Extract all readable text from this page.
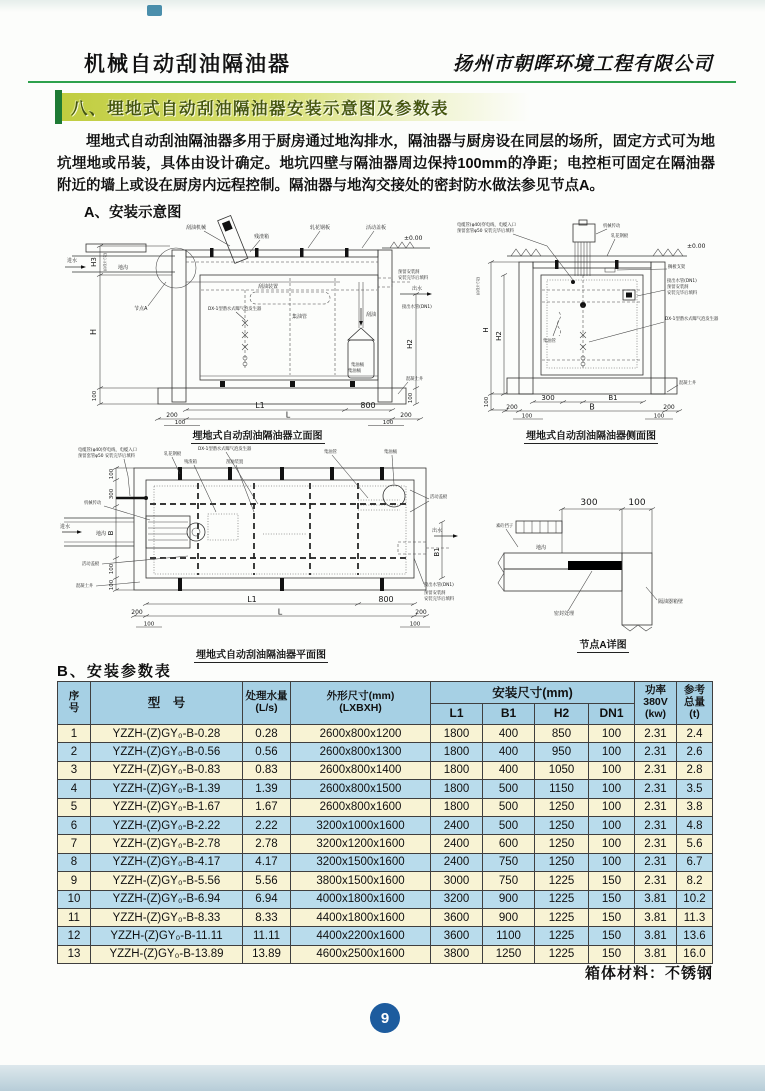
机械自动刮油隔油器	扬州市朝晖环境工程有限公司
八、埋地式自动刮油隔油器安装示意图及参数表
埋地式自动刮油隔油器多用于厨房通过地沟排水，隔油器与厨房设在同层的场所，固定方式可为地坑埋地或吊装，具体由设计确定。地坑四壁与隔油器周边保持100mm的净距；电控柜可固定在隔油器附近的墙上或设在厨房内远程控制。隔油器与地沟交接处的密封防水做法参见节点A。
A、安装示意图
进水
地沟
节点A
刮油机械
残渣箱
轧花钢板	活动盖板
±0.00
刮油装置
DX-1型潜水式曝气泡发生器
集油管	刮油
集油桶
集油桶
预留安装洞
安装完毕后填料
出水
接出水管(DN1)
混凝土井
H3	(由设计方定)
H
100
H2
100
L1	800
200	L	200
100	100
埋地式自动刮油隔油器立面图
电缆管(φ40)穿电线、电缆入口
预留套管φ50 安装完毕后填料
机械传动
轧花钢板
±0.00
搁板支架
接出水管(DN1)
预留安装洞
安装完毕后填料
DX-1型潜水式曝气泡发生器
集油管
混凝土井
H
H2
100
(由设计方定)
300	B1
200	B	200
100	100
埋地式自动刮油隔油器侧面图
电缆管(φ40)穿电线、电缆入口
预留套管φ50 安装完毕后填料	轧花钢板
DX-1型潜水式曝气泡发生器
残渣箱	刮油装置
集油管	集油桶
活动盖板
出水
接出水管(DN1)
预留安装洞
安装完毕后填料
机械传动
地沟
活动盖板
混凝土井
进水
100
300
B
100
100
B1
L1	800
200	L	200
100	100
埋地式自动刮油隔油器平面图
300	100
素砼挡子
地沟
密封处理
隔油器箱壁
节点A详图
B、安装参数表
序
号	型　号	处理水量
(L/s)	外形尺寸(mm)
(LXBXH)	安装尺寸(mm)				功率
380V
(kw)	参考
总量
(t)

				L1	B1	H2	DN1		
1	YZZH-(Z)GY₀-B-0.28	0.28	2600x800x1200	1800	400	850	100	2.31	2.4
2	YZZH-(Z)GY₀-B-0.56	0.56	2600x800x1300	1800	400	950	100	2.31	2.6
3	YZZH-(Z)GY₀-B-0.83	0.83	2600x800x1400	1800	400	1050	100	2.31	2.8
4	YZZH-(Z)GY₀-B-1.39	1.39	2600x800x1500	1800	500	1150	100	2.31	3.5
5	YZZH-(Z)GY₀-B-1.67	1.67	2600x800x1600	1800	500	1250	100	2.31	3.8
6	YZZH-(Z)GY₀-B-2.22	2.22	3200x1000x1600	2400	500	1250	100	2.31	4.8
7	YZZH-(Z)GY₀-B-2.78	2.78	3200x1200x1600	2400	600	1250	100	2.31	5.6
8	YZZH-(Z)GY₀-B-4.17	4.17	3200x1500x1600	2400	750	1250	100	2.31	6.7
9	YZZH-(Z)GY₀-B-5.56	5.56	3800x1500x1600	3000	750	1225	150	2.31	8.2
10	YZZH-(Z)GY₀-B-6.94	6.94	4000x1800x1600	3200	900	1225	150	3.81	10.2
11	YZZH-(Z)GY₀-B-8.33	8.33	4400x1800x1600	3600	900	1225	150	3.81	11.3
12	YZZH-(Z)GY₀-B-11.11	11.11	4400x2200x1600	3600	1100	1225	150	3.81	13.6
13	YZZH-(Z)GY₀-B-13.89	13.89	4600x2500x1600	3800	1250	1225	150	3.81	16.0
箱体材料：不锈钢
9
